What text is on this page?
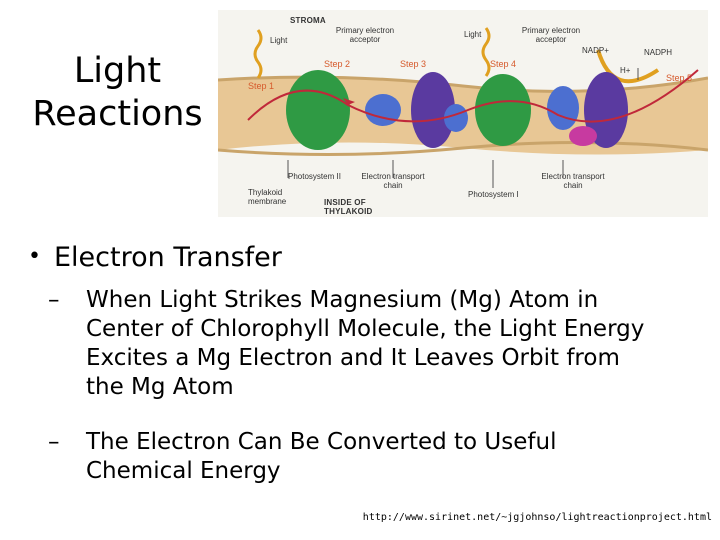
Light
Reactions
STROMA
Light
Primary electron acceptor
Light	Primary electron acceptor
NADP+	NADPH
H+
Step 1
Step 2	Step 3	Step 4
Step 5
Photosystem II	Electron transport chain
Photosystem I
Electron transport chain
Thylakoid membrane	INSIDE OF THYLAKOID
• Electron Transfer
– When Light Strikes Magnesium (Mg) Atom in Center of Chlorophyll Molecule, the Light Energy Excites a Mg Electron and It Leaves Orbit from the Mg Atom
– The Electron Can Be Converted to Useful Chemical Energy
http://www.sirinet.net/~jgjohnso/lightreactionproject.html
